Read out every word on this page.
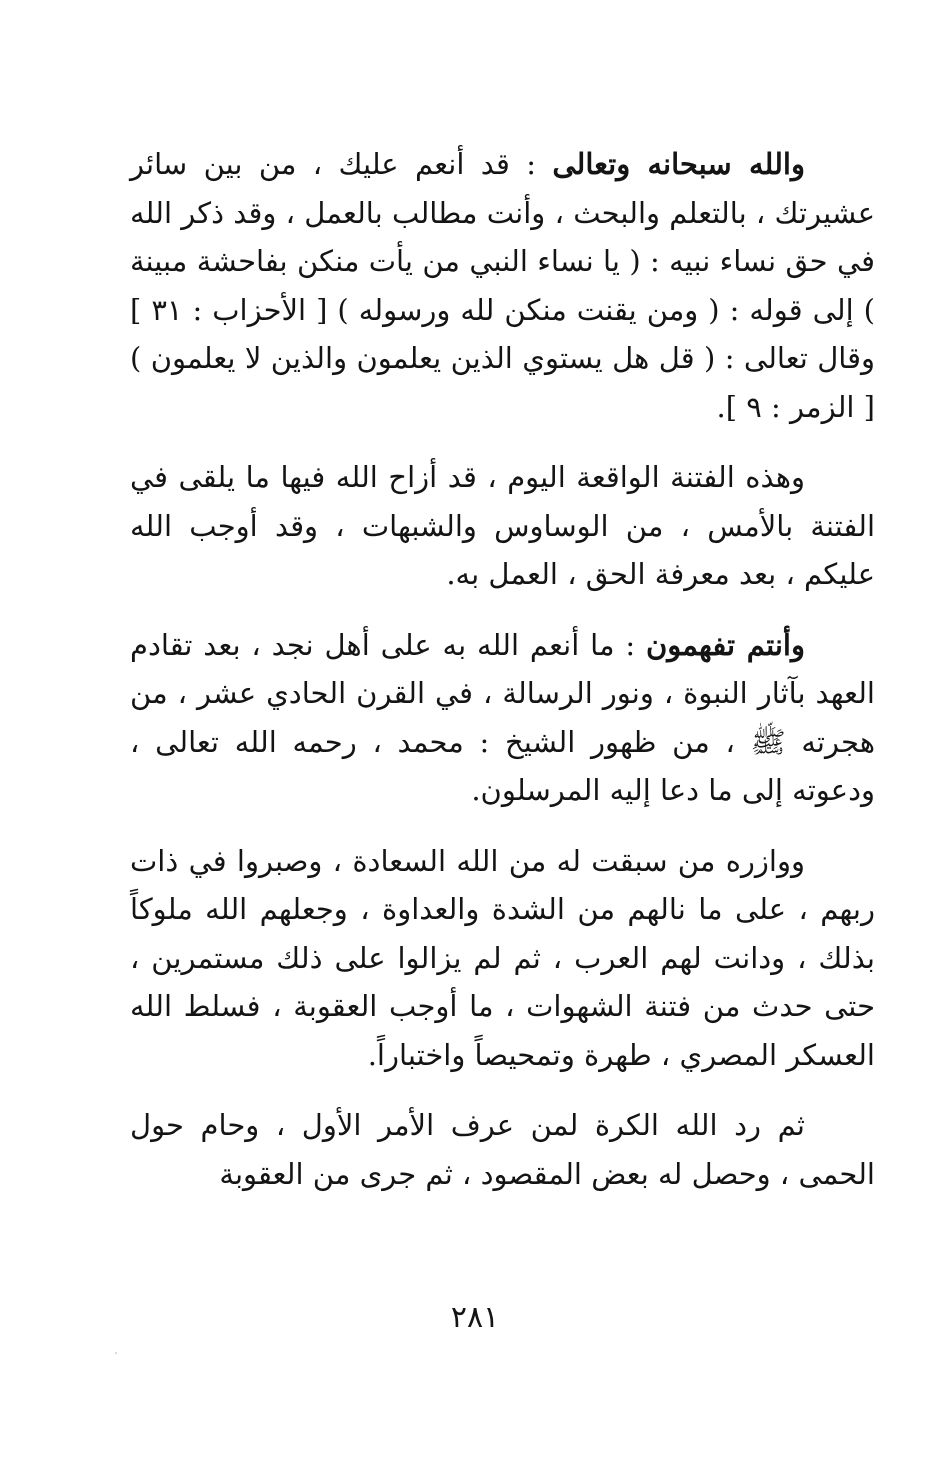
والله سبحانه وتعالى : قد أنعم عليك ، من بين سائر عشيرتك ، بالتعلم والبحث ، وأنت مطالب بالعمل ، وقد ذكر الله في حق نساء نبيه : ( يا نساء النبي من يأت منكن بفاحشة مبينة ) إلى قوله : ( ومن يقنت منكن لله ورسوله ) [ الأحزاب : ٣١ ] وقال تعالى : ( قل هل يستوي الذين يعلمون والذين لا يعلمون ) [ الزمر : ٩ ].

وهذه الفتنة الواقعة اليوم ، قد أزاح الله فيها ما يلقى في الفتنة بالأمس ، من الوساوس والشبهات ، وقد أوجب الله عليكم ، بعد معرفة الحق ، العمل به.

وأنتم تفهمون : ما أنعم الله به على أهل نجد ، بعد تقادم العهد بآثار النبوة ، ونور الرسالة ، في القرن الحادي عشر ، من هجرته ﷺ ، من ظهور الشيخ : محمد ، رحمه الله تعالى ، ودعوته إلى ما دعا إليه المرسلون.

ووازره من سبقت له من الله السعادة ، وصبروا في ذات ربهم ، على ما نالهم من الشدة والعداوة ، وجعلهم الله ملوكاً بذلك ، ودانت لهم العرب ، ثم لم يزالوا على ذلك مستمرين ، حتى حدث من فتنة الشهوات ، ما أوجب العقوبة ، فسلط الله العسكر المصري ، طهرة وتمحيصاً واختباراً.

ثم رد الله الكرة لمن عرف الأمر الأول ، وحام حول الحمى ، وحصل له بعض المقصود ، ثم جرى من العقوبة

٢٨١
